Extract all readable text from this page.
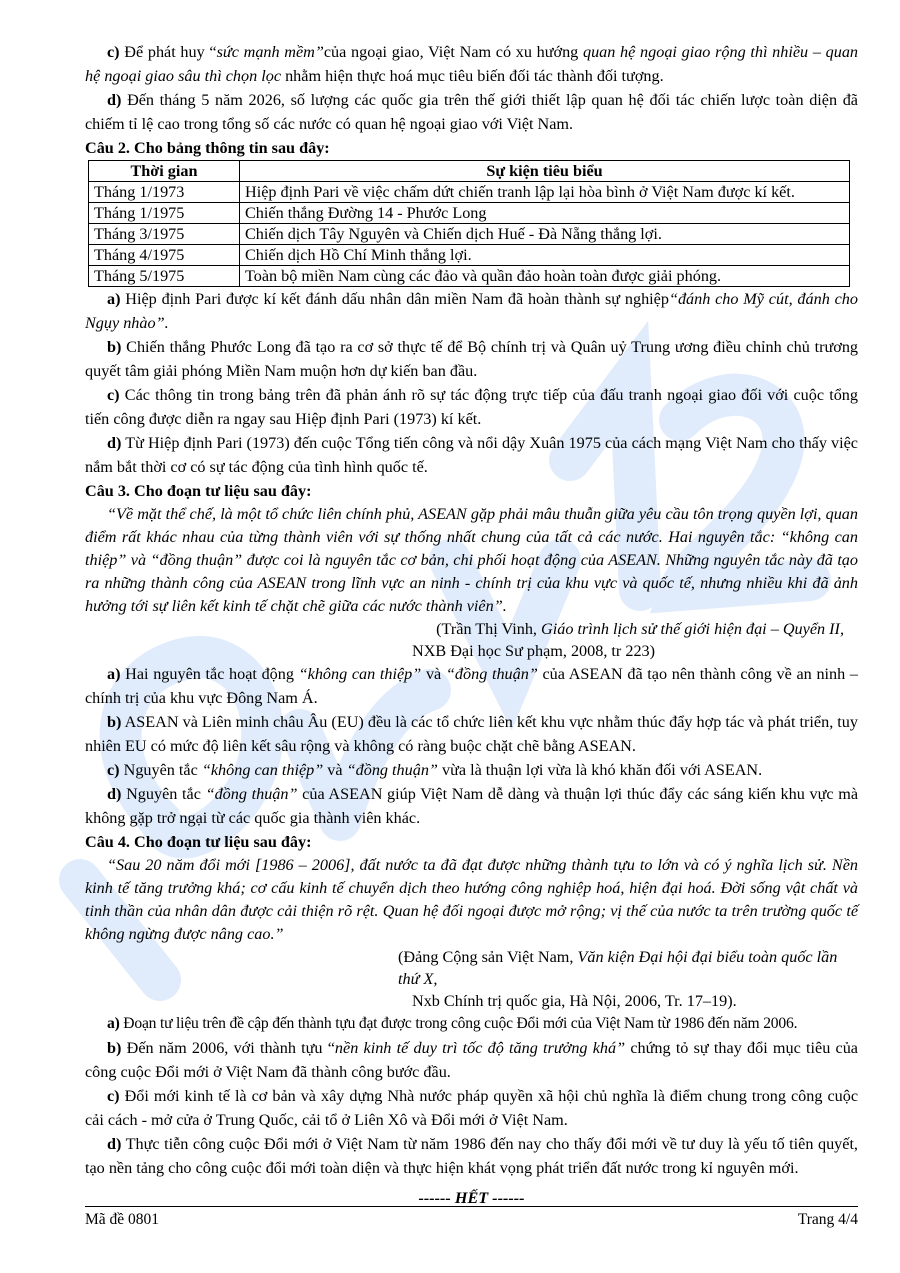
c) Để phát huy “sức mạnh mềm”của ngoại giao, Việt Nam có xu hướng quan hệ ngoại giao rộng thì nhiều – quan hệ ngoại giao sâu thì chọn lọc nhằm hiện thực hoá mục tiêu biến đối tác thành đối tượng.

d) Đến tháng 5 năm 2026, số lượng các quốc gia trên thế giới thiết lập quan hệ đối tác chiến lược toàn diện đã chiếm tỉ lệ cao trong tổng số các nước có quan hệ ngoại giao với Việt Nam.

Câu 2. Cho bảng thông tin sau đây:

Thời gian	Sự kiện tiêu biểu
Tháng 1/1973	Hiệp định Pari về việc chấm dứt chiến tranh lập lại hòa bình ở Việt Nam được kí kết.
Tháng 1/1975	Chiến thắng Đường 14 - Phước Long
Tháng 3/1975	Chiến dịch Tây Nguyên và Chiến dịch Huế - Đà Nẵng thắng lợi.
Tháng 4/1975	Chiến dịch Hồ Chí Minh thắng lợi.
Tháng 5/1975	Toàn bộ miền Nam cùng các đảo và quần đảo hoàn toàn được giải phóng.

a) Hiệp định Pari được kí kết đánh dấu nhân dân miền Nam đã hoàn thành sự nghiệp“đánh cho Mỹ cút, đánh cho Ngụy nhào”.

b) Chiến thắng Phước Long đã tạo ra cơ sở thực tế để Bộ chính trị và Quân uỷ Trung ương điều chỉnh chủ trương quyết tâm giải phóng Miền Nam muộn hơn dự kiến ban đầu.

c) Các thông tin trong bảng trên đã phản ánh rõ sự tác động trực tiếp của đấu tranh ngoại giao đối với cuộc tổng tiến công được diễn ra ngay sau Hiệp định Pari (1973) kí kết.

d) Từ Hiệp định Pari (1973) đến cuộc Tổng tiến công và nổi dậy Xuân 1975 của cách mạng Việt Nam cho thấy việc nắm bắt thời cơ có sự tác động của tình hình quốc tế.

Câu 3. Cho đoạn tư liệu sau đây:

“Về mặt thể chế, là một tổ chức liên chính phủ, ASEAN gặp phải mâu thuẫn giữa yêu cầu tôn trọng quyền lợi, quan điểm rất khác nhau của từng thành viên với sự thống nhất chung của tất cả các nước. Hai nguyên tắc: “không can thiệp” và “đồng thuận” được coi là nguyên tắc cơ bản, chi phối hoạt động của ASEAN. Những nguyên tắc này đã tạo ra những thành công của ASEAN trong lĩnh vực an ninh - chính trị của khu vực và quốc tế, nhưng nhiều khi đã ảnh hưởng tới sự liên kết kinh tế chặt chẽ giữa các nước thành viên”.

(Trần Thị Vinh, Giáo trình lịch sử thế giới hiện đại – Quyển II,

NXB Đại học Sư phạm, 2008, tr 223)

a) Hai nguyên tắc hoạt động “không can thiệp” và “đồng thuận” của ASEAN đã tạo nên thành công về an ninh – chính trị của khu vực Đông Nam Á.

b) ASEAN và Liên minh châu Âu (EU) đều là các tổ chức liên kết khu vực nhằm thúc đẩy hợp tác và phát triển, tuy nhiên EU có mức độ liên kết sâu rộng và không có ràng buộc chặt chẽ bằng ASEAN.

c) Nguyên tắc “không can thiệp” và “đồng thuận” vừa là thuận lợi vừa là khó khăn đối với ASEAN.

d) Nguyên tắc “đồng thuận” của ASEAN giúp Việt Nam dễ dàng và thuận lợi thúc đẩy các sáng kiến khu vực mà không gặp trở ngại từ các quốc gia thành viên khác.

Câu 4. Cho đoạn tư liệu sau đây:

“Sau 20 năm đổi mới [1986 – 2006], đất nước ta đã đạt được những thành tựu to lớn và có ý nghĩa lịch sử. Nền kinh tế tăng trưởng khá; cơ cấu kinh tế chuyển dịch theo hướng công nghiệp hoá, hiện đại hoá. Đời sống vật chất và tinh thần của nhân dân được cải thiện rõ rệt. Quan hệ đối ngoại được mở rộng; vị thế của nước ta trên trường quốc tế không ngừng được nâng cao.”

(Đảng Cộng sản Việt Nam, Văn kiện Đại hội đại biểu toàn quốc lần thứ X,

Nxb Chính trị quốc gia, Hà Nội, 2006, Tr. 17–19).

a) Đoạn tư liệu trên đề cập đến thành tựu đạt được trong công cuộc Đổi mới của Việt Nam từ 1986 đến năm 2006.

b) Đến năm 2006, với thành tựu “nền kinh tế duy trì tốc độ tăng trưởng khá” chứng tỏ sự thay đổi mục tiêu của công cuộc Đổi mới ở Việt Nam đã thành công bước đầu.

c) Đổi mới kinh tế là cơ bản và xây dựng Nhà nước pháp quyền xã hội chủ nghĩa là điểm chung trong công cuộc cải cách - mở cửa ở Trung Quốc, cải tổ ở Liên Xô và Đổi mới ở Việt Nam.

d) Thực tiễn công cuộc Đổi mới ở Việt Nam từ năm 1986 đến nay cho thấy đổi mới về tư duy là yếu tố tiên quyết, tạo nền tảng cho công cuộc đổi mới toàn diện và thực hiện khát vọng phát triển đất nước trong kỉ nguyên mới.

------ HẾT ------

Mã đề 0801	Trang 4/4
